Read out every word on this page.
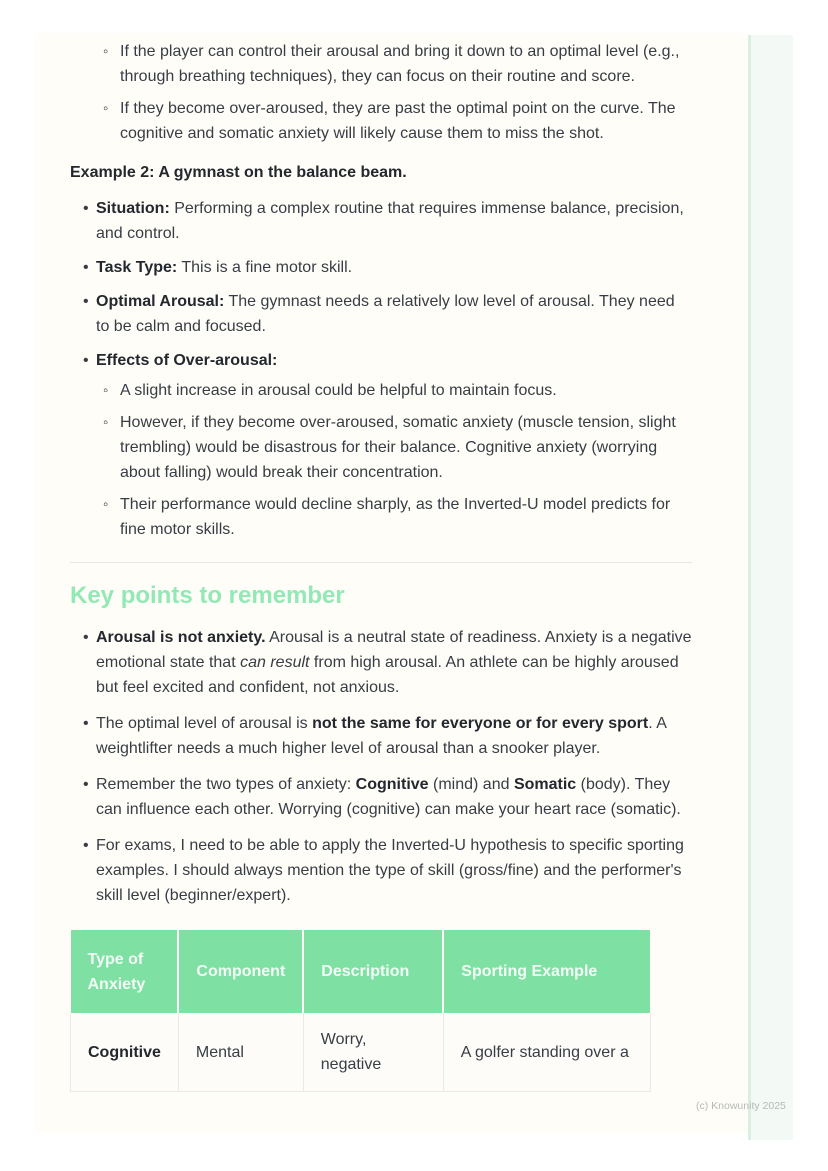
◦ If the player can control their arousal and bring it down to an optimal level (e.g., through breathing techniques), they can focus on their routine and score.
◦ If they become over-aroused, they are past the optimal point on the curve. The cognitive and somatic anxiety will likely cause them to miss the shot.

Example 2: A gymnast on the balance beam.

• Situation: Performing a complex routine that requires immense balance, precision, and control.
• Task Type: This is a fine motor skill.
• Optimal Arousal: The gymnast needs a relatively low level of arousal. They need to be calm and focused.
• Effects of Over-arousal:
◦ A slight increase in arousal could be helpful to maintain focus.
◦ However, if they become over-aroused, somatic anxiety (muscle tension, slight trembling) would be disastrous for their balance. Cognitive anxiety (worrying about falling) would break their concentration.
◦ Their performance would decline sharply, as the Inverted-U model predicts for fine motor skills.
Key points to remember
• Arousal is not anxiety. Arousal is a neutral state of readiness. Anxiety is a negative emotional state that can result from high arousal. An athlete can be highly aroused but feel excited and confident, not anxious.
• The optimal level of arousal is not the same for everyone or for every sport. A weightlifter needs a much higher level of arousal than a snooker player.
• Remember the two types of anxiety: Cognitive (mind) and Somatic (body). They can influence each other. Worrying (cognitive) can make your heart race (somatic).
• For exams, I need to be able to apply the Inverted-U hypothesis to specific sporting examples. I should always mention the type of skill (gross/fine) and the performer's skill level (beginner/expert).
Type of Anxiety	Component	Description	Sporting Example
Cognitive	Mental	Worry, negative	A golfer standing over a
(c) Knowunity 2025
